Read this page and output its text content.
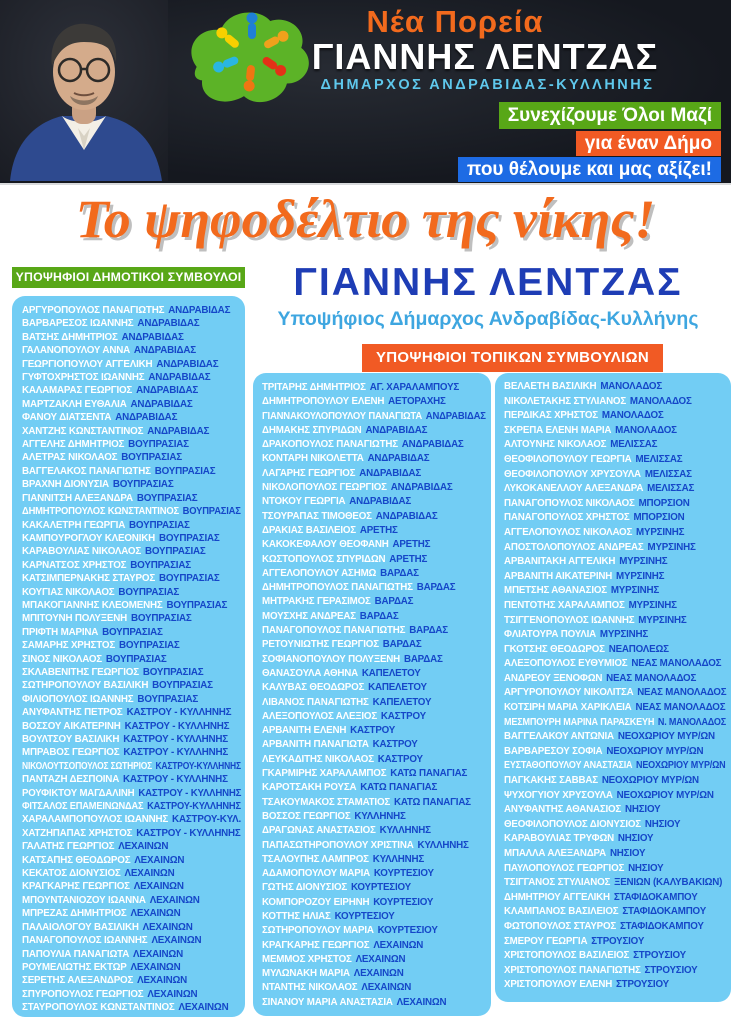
Νέα Πορεία
ΓΙΑΝΝΗΣ ΛΕΝΤΖΑΣ
ΔΗΜΑΡΧΟΣ ΑΝΔΡΑΒΙΔΑΣ-ΚΥΛΛΗΝΗΣ
Συνεχίζουμε Όλοι Μαζί
για έναν Δήμο
που θέλουμε και μας αξίζει!
Το ψηφοδέλτιο της νίκης!
ΥΠΟΨΗΦΙΟΙ ΔΗΜΟΤΙΚΟΙ ΣΥΜΒΟΥΛΟΙ	ΓΙΑΝΝΗΣ ΛΕΝΤΖΑΣ
Υποψήφιος Δήμαρχος Ανδραβίδας-Κυλλήνης
ΥΠΟΨΗΦΙΟΙ ΤΟΠΙΚΩΝ ΣΥΜΒΟΥΛΙΩΝ
ΑΡΓΥΡΟΠΟΥΛΟΣ ΠΑΝΑΓΙΩΤΗΣ ΑΝΔΡΑΒΙΔΑΣ
ΒΑΡΒΑΡΕΣΟΣ ΙΩΑΝΝΗΣ ΑΝΔΡΑΒΙΔΑΣ
ΒΑΤΣΗΣ ΔΗΜΗΤΡΙΟΣ ΑΝΔΡΑΒΙΔΑΣ
ΓΑΛΑΝΟΠΟΥΛΟΥ ΑΝΝΑ ΑΝΔΡΑΒΙΔΑΣ
ΓΕΩΡΓΙΟΠΟΥΛΟΥ ΑΓΓΕΛΙΚΗ ΑΝΔΡΑΒΙΔΑΣ
ΓΥΦΤΟΧΡΗΣΤΟΣ ΙΩΑΝΝΗΣ ΑΝΔΡΑΒΙΔΑΣ
ΚΑΛΑΜΑΡΑΣ ΓΕΩΡΓΙΟΣ ΑΝΔΡΑΒΙΔΑΣ
ΜΑΡΤΖΑΚΛΗ ΕΥΘΑΛΙΑ ΑΝΔΡΑΒΙΔΑΣ
ΦΑΝΟΥ ΔΙΑΤΣΕΝΤΑ ΑΝΔΡΑΒΙΔΑΣ
ΧΑΝΤΖΗΣ ΚΩΝΣΤΑΝΤΙΝΟΣ ΑΝΔΡΑΒΙΔΑΣ
ΑΓΓΕΛΗΣ ΔΗΜΗΤΡΙΟΣ ΒΟΥΠΡΑΣΙΑΣ
ΑΛΕΤΡΑΣ ΝΙΚΟΛΑΟΣ ΒΟΥΠΡΑΣΙΑΣ
ΒΑΓΓΕΛΑΚΟΣ ΠΑΝΑΓΙΩΤΗΣ ΒΟΥΠΡΑΣΙΑΣ
ΒΡΑΧΝΗ ΔΙΟΝΥΣΙΑ ΒΟΥΠΡΑΣΙΑΣ
ΓΙΑΝΝΙΤΣΗ ΑΛΕΞΑΝΔΡΑ ΒΟΥΠΡΑΣΙΑΣ
ΔΗΜΗΤΡΟΠΟΥΛΟΣ ΚΩΝΣΤΑΝΤΙΝΟΣ ΒΟΥΠΡΑΣΙΑΣ
ΚΑΚΑΛΕΤΡΗ ΓΕΩΡΓΙΑ ΒΟΥΠΡΑΣΙΑΣ
ΚΑΜΠΟΥΡΟΓΛΟΥ ΚΛΕΟΝΙΚΗ ΒΟΥΠΡΑΣΙΑΣ
ΚΑΡΑΒΟΥΛΙΑΣ ΝΙΚΟΛΑΟΣ ΒΟΥΠΡΑΣΙΑΣ
ΚΑΡΝΑΤΣΟΣ ΧΡΗΣΤΟΣ ΒΟΥΠΡΑΣΙΑΣ
ΚΑΤΣΙΜΠΕΡΝΑΚΗΣ ΣΤΑΥΡΟΣ ΒΟΥΠΡΑΣΙΑΣ
ΚΟΥΓΙΑΣ ΝΙΚΟΛΑΟΣ ΒΟΥΠΡΑΣΙΑΣ
ΜΠΑΚΟΓΙΑΝΝΗΣ ΚΛΕΟΜΕΝΗΣ ΒΟΥΠΡΑΣΙΑΣ
ΜΠΙΤΟΥΝΗ ΠΟΛΥΞΕΝΗ ΒΟΥΠΡΑΣΙΑΣ
ΠΡΙΦΤΗ ΜΑΡΙΝΑ ΒΟΥΠΡΑΣΙΑΣ
ΣΑΜΑΡΗΣ ΧΡΗΣΤΟΣ ΒΟΥΠΡΑΣΙΑΣ
ΣΙΝΟΣ ΝΙΚΟΛΑΟΣ ΒΟΥΠΡΑΣΙΑΣ
ΣΚΛΑΒΕΝΙΤΗΣ ΓΕΩΡΓΙΟΣ ΒΟΥΠΡΑΣΙΑΣ
ΣΩΤΗΡΟΠΟΥΛΟΥ ΒΑΣΙΛΙΚΗ ΒΟΥΠΡΑΣΙΑΣ
ΦΙΛΙΟΠΟΥΛΟΣ ΙΩΑΝΝΗΣ ΒΟΥΠΡΑΣΙΑΣ
ΑΝΥΦΑΝΤΗΣ ΠΕΤΡΟΣ ΚΑΣΤΡΟΥ - ΚΥΛΛΗΝΗΣ
ΒΟΣΣΟΥ ΑΙΚΑΤΕΡΙΝΗ ΚΑΣΤΡΟΥ - ΚΥΛΛΗΝΗΣ
ΒΟΥΛΤΣΟΥ ΒΑΣΙΛΙΚΗ ΚΑΣΤΡΟΥ - ΚΥΛΛΗΝΗΣ
ΜΠΡΑΒΟΣ ΓΕΩΡΓΙΟΣ ΚΑΣΤΡΟΥ - ΚΥΛΛΗΝΗΣ
ΝΙΚΟΛΟΥΤΣΟΠΟΥΛΟΣ ΣΩΤΗΡΙΟΣ ΚΑΣΤΡΟΥ-ΚΥΛΛΗΝΗΣ
ΠΑΝΤΑΖΗ ΔΕΣΠΟΙΝΑ ΚΑΣΤΡΟΥ - ΚΥΛΛΗΝΗΣ
ΡΟΥΦΙΚΤΟΥ ΜΑΓΔΑΛΙΝΗ ΚΑΣΤΡΟΥ - ΚΥΛΛΗΝΗΣ
ΦΙΤΣΑΛΟΣ ΕΠΑΜΕΙΝΩΝΔΑΣ ΚΑΣΤΡΟΥ-ΚΥΛΛΗΝΗΣ
ΧΑΡΑΛΑΜΠΟΠΟΥΛΟΣ ΙΩΑΝΝΗΣ ΚΑΣΤΡΟΥ-ΚΥΛ.
ΧΑΤΖΗΠΑΠΑΣ ΧΡΗΣΤΟΣ ΚΑΣΤΡΟΥ - ΚΥΛΛΗΝΗΣ
ΓΑΛΑΤΗΣ ΓΕΩΡΓΙΟΣ ΛΕΧΑΙΝΩΝ
ΚΑΤΣΑΠΗΣ ΘΕΟΔΩΡΟΣ ΛΕΧΑΙΝΩΝ
ΚΕΚΑΤΟΣ ΔΙΟΝΥΣΙΟΣ ΛΕΧΑΙΝΩΝ
ΚΡΑΓΚΑΡΗΣ ΓΕΩΡΓΙΟΣ ΛΕΧΑΙΝΩΝ
ΜΠΟΥΝΤΑΝΙΟΖΟΥ ΙΩΑΝΝΑ ΛΕΧΑΙΝΩΝ
ΜΠΡΕΖΑΣ ΔΗΜΗΤΡΙΟΣ ΛΕΧΑΙΝΩΝ
ΠΑΛΑΙΟΛΟΓΟΥ ΒΑΣΙΛΙΚΗ ΛΕΧΑΙΝΩΝ
ΠΑΝΑΓΟΠΟΥΛΟΣ ΙΩΑΝΝΗΣ ΛΕΧΑΙΝΩΝ
ΠΑΠΟΥΛΙΑ ΠΑΝΑΓΙΩΤΑ ΛΕΧΑΙΝΩΝ
ΡΟΥΜΕΛΙΩΤΗΣ ΕΚΤΩΡ ΛΕΧΑΙΝΩΝ
ΣΕΡΕΤΗΣ ΑΛΕΞΑΝΔΡΟΣ ΛΕΧΑΙΝΩΝ
ΣΠΥΡΟΠΟΥΛΟΣ ΓΕΩΡΓΙΟΣ ΛΕΧΑΙΝΩΝ
ΣΤΑΥΡΟΠΟΥΛΟΣ ΚΩΝΣΤΑΝΤΙΝΟΣ ΛΕΧΑΙΝΩΝ
ΤΡΙΤΑΡΗΣ ΔΗΜΗΤΡΙΟΣ ΑΓ. ΧΑΡΑΛΑΜΠΟΥΣ
ΔΗΜΗΤΡΟΠΟΥΛΟΥ ΕΛΕΝΗ ΑΕΤΟΡΑΧΗΣ
ΓΙΑΝΝΑΚΟΥΛΟΠΟΥΛΟΥ ΠΑΝΑΓΙΩΤΑ ΑΝΔΡΑΒΙΔΑΣ
ΔΗΜΑΚΗΣ ΣΠΥΡΙΔΩΝ ΑΝΔΡΑΒΙΔΑΣ
ΔΡΑΚΟΠΟΥΛΟΣ ΠΑΝΑΓΙΩΤΗΣ ΑΝΔΡΑΒΙΔΑΣ
ΚΟΝΤΑΡΗ ΝΙΚΟΛΕΤΤΑ ΑΝΔΡΑΒΙΔΑΣ
ΛΑΓΑΡΗΣ ΓΕΩΡΓΙΟΣ ΑΝΔΡΑΒΙΔΑΣ
ΝΙΚΟΛΟΠΟΥΛΟΣ ΓΕΩΡΓΙΟΣ ΑΝΔΡΑΒΙΔΑΣ
ΝΤΟΚΟΥ ΓΕΩΡΓΙΑ ΑΝΔΡΑΒΙΔΑΣ
ΤΣΟΥΡΑΠΑΣ ΤΙΜΟΘΕΟΣ ΑΝΔΡΑΒΙΔΑΣ
ΔΡΑΚΙΑΣ ΒΑΣΙΛΕΙΟΣ ΑΡΕΤΗΣ
ΚΑΚΟΚΕΦΑΛΟΥ ΘΕΟΦΑΝΗ ΑΡΕΤΗΣ
ΚΩΣΤΟΠΟΥΛΟΣ ΣΠΥΡΙΔΩΝ ΑΡΕΤΗΣ
ΑΓΓΕΛΟΠΟΥΛΟΥ ΑΣΗΜΩ ΒΑΡΔΑΣ
ΔΗΜΗΤΡΟΠΟΥΛΟΣ ΠΑΝΑΓΙΩΤΗΣ ΒΑΡΔΑΣ
ΜΗΤΡΑΚΗΣ ΓΕΡΑΣΙΜΟΣ ΒΑΡΔΑΣ
ΜΟΥΣΧΗΣ ΑΝΔΡΕΑΣ ΒΑΡΔΑΣ
ΠΑΝΑΓΟΠΟΥΛΟΣ ΠΑΝΑΓΙΩΤΗΣ ΒΑΡΔΑΣ
ΡΕΤΟΥΝΙΩΤΗΣ ΓΕΩΡΓΙΟΣ ΒΑΡΔΑΣ
ΣΟΦΙΑΝΟΠΟΥΛΟΥ ΠΟΛΥΞΕΝΗ ΒΑΡΔΑΣ
ΘΑΝΑΣΟΥΛΑ ΑΘΗΝΑ ΚΑΠΕΛΕΤΟΥ
ΚΑΛΥΒΑΣ ΘΕΟΔΩΡΟΣ ΚΑΠΕΛΕΤΟΥ
ΛΙΒΑΝΟΣ ΠΑΝΑΓΙΩΤΗΣ ΚΑΠΕΛΕΤΟΥ
ΑΛΕΞΟΠΟΥΛΟΣ ΑΛΕΞΙΟΣ ΚΑΣΤΡΟΥ
ΑΡΒΑΝΙΤΗ ΕΛΕΝΗ ΚΑΣΤΡΟΥ
ΑΡΒΑΝΙΤΗ ΠΑΝΑΓΙΩΤΑ ΚΑΣΤΡΟΥ
ΛΕΥΚΑΔΙΤΗΣ ΝΙΚΟΛΑΟΣ ΚΑΣΤΡΟΥ
ΓΚΑΡΜΙΡΗΣ ΧΑΡΑΛΑΜΠΟΣ ΚΑΤΩ ΠΑΝΑΓΙΑΣ
ΚΑΡΟΤΣΑΚΗ ΡΟΥΣΑ ΚΑΤΩ ΠΑΝΑΓΙΑΣ
ΤΣΑΚΟΥΜΑΚΟΣ ΣΤΑΜΑΤΙΟΣ ΚΑΤΩ ΠΑΝΑΓΙΑΣ
ΒΟΣΣΟΣ ΓΕΩΡΓΙΟΣ ΚΥΛΛΗΝΗΣ
ΔΡΑΓΩΝΑΣ ΑΝΑΣΤΑΣΙΟΣ ΚΥΛΛΗΝΗΣ
ΠΑΠΑΣΩΤΗΡΟΠΟΥΛΟΥ ΧΡΙΣΤΙΝΑ ΚΥΛΛΗΝΗΣ
ΤΣΑΛΟΥΠΗΣ ΛΑΜΠΡΟΣ ΚΥΛΛΗΝΗΣ
ΑΔΑΜΟΠΟΥΛΟΥ ΜΑΡΙΑ ΚΟΥΡΤΕΣΙΟΥ
ΓΩΤΗΣ ΔΙΟΝΥΣΙΟΣ ΚΟΥΡΤΕΣΙΟΥ
ΚΟΜΠΟΡΟΖΟΥ ΕΙΡΗΝΗ ΚΟΥΡΤΕΣΙΟΥ
ΚΟΤΤΗΣ ΗΛΙΑΣ ΚΟΥΡΤΕΣΙΟΥ
ΣΩΤΗΡΟΠΟΥΛΟΥ ΜΑΡΙΑ ΚΟΥΡΤΕΣΙΟΥ
ΚΡΑΓΚΑΡΗΣ ΓΕΩΡΓΙΟΣ ΛΕΧΑΙΝΩΝ
ΜΕΜΜΟΣ ΧΡΗΣΤΟΣ ΛΕΧΑΙΝΩΝ
ΜΥΛΩΝΑΚΗ ΜΑΡΙΑ ΛΕΧΑΙΝΩΝ
ΝΤΑΝΤΗΣ ΝΙΚΟΛΑΟΣ ΛΕΧΑΙΝΩΝ
ΣΙΝΑΝΟΥ ΜΑΡΙΑ ΑΝΑΣΤΑΣΙΑ ΛΕΧΑΙΝΩΝ
ΒΕΛΑΕΤΗ ΒΑΣΙΛΙΚΗ ΜΑΝΟΛΑΔΟΣ
ΝΙΚΟΛΕΤΑΚΗΣ ΣΤΥΛΙΑΝΟΣ ΜΑΝΟΛΑΔΟΣ
ΠΕΡΔΙΚΑΣ ΧΡΗΣΤΟΣ ΜΑΝΟΛΑΔΟΣ
ΣΚΡΕΠΑ ΕΛΕΝΗ ΜΑΡΙΑ ΜΑΝΟΛΑΔΟΣ
ΑΛΤΟΥΝΗΣ ΝΙΚΟΛΑΟΣ ΜΕΛΙΣΣΑΣ
ΘΕΟΦΙΛΟΠΟΥΛΟΥ ΓΕΩΡΓΙΑ ΜΕΛΙΣΣΑΣ
ΘΕΟΦΙΛΟΠΟΥΛΟΥ ΧΡΥΣΟΥΛΑ ΜΕΛΙΣΣΑΣ
ΛΥΚΟΚΑΝΕΛΛΟΥ ΑΛΕΞΑΝΔΡΑ ΜΕΛΙΣΣΑΣ
ΠΑΝΑΓΟΠΟΥΛΟΣ ΝΙΚΟΛΑΟΣ ΜΠΟΡΣΙΟΝ
ΠΑΝΑΓΟΠΟΥΛΟΣ ΧΡΗΣΤΟΣ ΜΠΟΡΣΙΟΝ
ΑΓΓΕΛΟΠΟΥΛΟΣ ΝΙΚΟΛΑΟΣ ΜΥΡΣΙΝΗΣ
ΑΠΟΣΤΟΛΟΠΟΥΛΟΣ ΑΝΔΡΕΑΣ ΜΥΡΣΙΝΗΣ
ΑΡΒΑΝΙΤΑΚΗ ΑΓΓΕΛΙΚΗ ΜΥΡΣΙΝΗΣ
ΑΡΒΑΝΙΤΗ ΑΙΚΑΤΕΡΙΝΗ ΜΥΡΣΙΝΗΣ
ΜΠΕΤΣΗΣ ΑΘΑΝΑΣΙΟΣ ΜΥΡΣΙΝΗΣ
ΠΕΝΤΟΤΗΣ ΧΑΡΑΛΑΜΠΟΣ ΜΥΡΣΙΝΗΣ
ΤΣΙΓΓΕΝΟΠΟΥΛΟΣ ΙΩΑΝΝΗΣ ΜΥΡΣΙΝΗΣ
ΦΛΙΑΤΟΥΡΑ ΠΟΥΛΙΑ ΜΥΡΣΙΝΗΣ
ΓΚΟΤΣΗΣ ΘΕΟΔΩΡΟΣ ΝΕΑΠΟΛΕΩΣ
ΑΛΕΞΟΠΟΥΛΟΣ ΕΥΘΥΜΙΟΣ ΝΕΑΣ ΜΑΝΟΛΑΔΟΣ
ΑΝΔΡΕΟΥ ΞΕΝΟΦΩΝ ΝΕΑΣ ΜΑΝΟΛΑΔΟΣ
ΑΡΓΥΡΟΠΟΥΛΟΥ ΝΙΚΟΛΙΤΣΑ ΝΕΑΣ ΜΑΝΟΛΑΔΟΣ
ΚΟΤΣΙΡΗ ΜΑΡΙΑ ΧΑΡΙΚΛΕΙΑ ΝΕΑΣ ΜΑΝΟΛΑΔΟΣ
ΜΕΣΜΠΟΥΡΗ ΜΑΡΙΝΑ ΠΑΡΑΣΚΕΥΗ Ν. ΜΑΝΟΛΑΔΟΣ
ΒΑΓΓΕΛΑΚΟΥ ΑΝΤΩΝΙΑ ΝΕΟΧΩΡΙΟΥ ΜΥΡ/ΩΝ
ΒΑΡΒΑΡΕΣΟΥ ΣΟΦΙΑ ΝΕΟΧΩΡΙΟΥ ΜΥΡ/ΩΝ
ΕΥΣΤΑΘΟΠΟΥΛΟΥ ΑΝΑΣΤΑΣΙΑ ΝΕΟΧΩΡΙΟΥ ΜΥΡ/ΩΝ
ΠΑΓΚΑΚΗΣ ΣΑΒΒΑΣ ΝΕΟΧΩΡΙΟΥ ΜΥΡ/ΩΝ
ΨΥΧΟΓΥΙΟΥ ΧΡΥΣΟΥΛΑ ΝΕΟΧΩΡΙΟΥ ΜΥΡ/ΩΝ
ΑΝΥΦΑΝΤΗΣ ΑΘΑΝΑΣΙΟΣ ΝΗΣΙΟΥ
ΘΕΟΦΙΛΟΠΟΥΛΟΣ ΔΙΟΝΥΣΙΟΣ ΝΗΣΙΟΥ
ΚΑΡΑΒΟΥΛΙΑΣ ΤΡΥΦΩΝ ΝΗΣΙΟΥ
ΜΠΑΛΛΑ ΑΛΕΞΑΝΔΡΑ ΝΗΣΙΟΥ
ΠΑΥΛΟΠΟΥΛΟΣ ΓΕΩΡΓΙΟΣ ΝΗΣΙΟΥ
ΤΣΙΓΓΑΝΟΣ ΣΤΥΛΙΑΝΟΣ ΞΕΝΙΩΝ (ΚΑΛΥΒΑΚΙΩΝ)
ΔΗΜΗΤΡΙΟΥ ΑΓΓΕΛΙΚΗ ΣΤΑΦΙΔΟΚΑΜΠΟΥ
ΚΛΑΜΠΑΝΟΣ ΒΑΣΙΛΕΙΟΣ ΣΤΑΦΙΔΟΚΑΜΠΟΥ
ΦΩΤΟΠΟΥΛΟΣ ΣΤΑΥΡΟΣ ΣΤΑΦΙΔΟΚΑΜΠΟΥ
ΣΜΕΡΟΥ ΓΕΩΡΓΙΑ ΣΤΡΟΥΣΙΟΥ
ΧΡΙΣΤΟΠΟΥΛΟΣ ΒΑΣΙΛΕΙΟΣ ΣΤΡΟΥΣΙΟΥ
ΧΡΙΣΤΟΠΟΥΛΟΣ ΠΑΝΑΓΙΩΤΗΣ ΣΤΡΟΥΣΙΟΥ
ΧΡΙΣΤΟΠΟΥΛΟΥ ΕΛΕΝΗ ΣΤΡΟΥΣΙΟΥ
